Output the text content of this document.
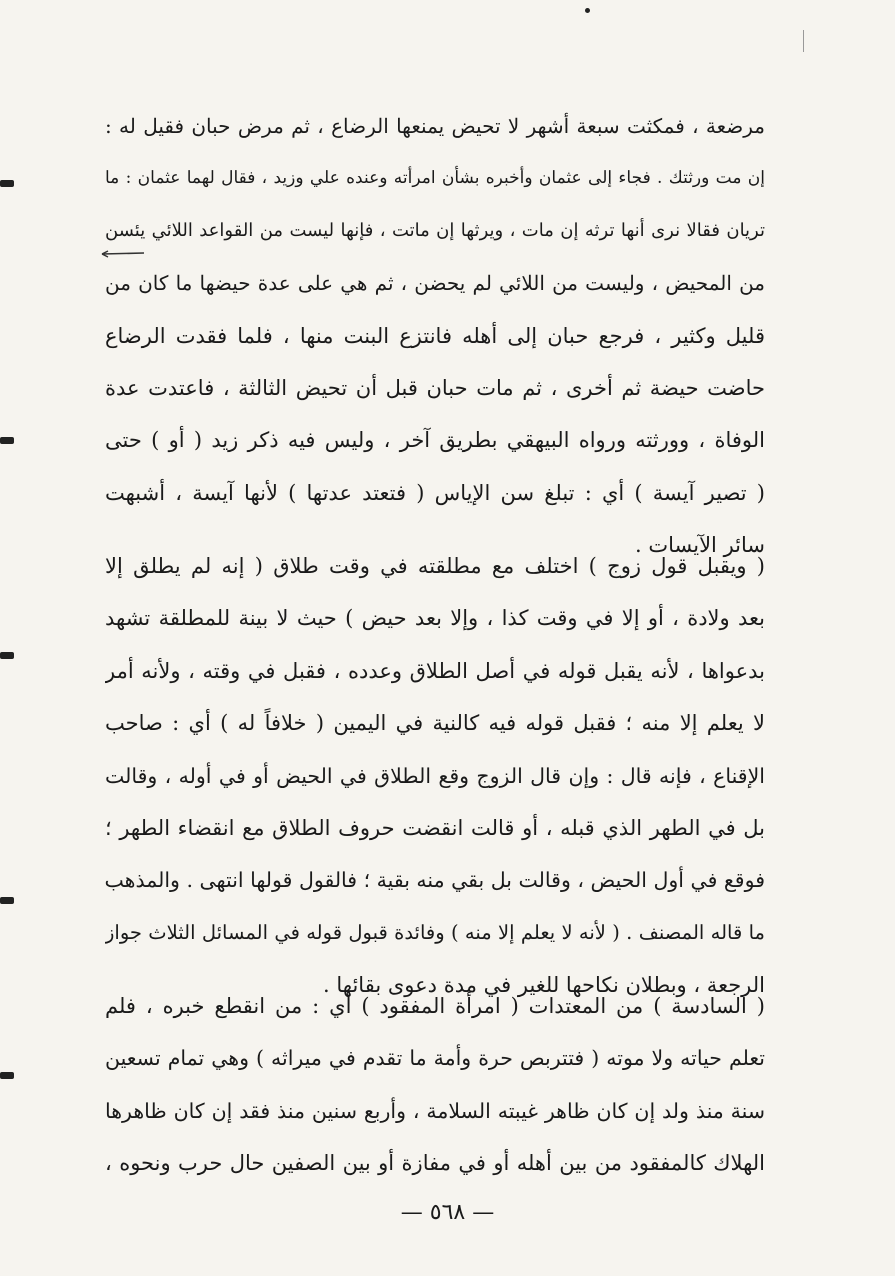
مرضعة ، فمكثت سبعة أشهر لا تحيض يمنعها الرضاع ، ثم مرض حبان فقيل له :
إن مت ورثتك . فجاء إلى عثمان وأخبره بشأن امرأته وعنده علي وزيد ، فقال لهما عثمان : ما
تريان فقالا نرى أنها ترثه إن مات ، ويرثها إن ماتت ، فإنها ليست من القواعد اللائي يئسن
من المحيض ، وليست من اللائي لم يحضن ، ثم هي على عدة حيضها ما كان من
قليل وكثير ، فرجع حبان إلى أهله فانتزع البنت منها ، فلما فقدت الرضاع
حاضت حيضة ثم أخرى ، ثم مات حبان قبل أن تحيض الثالثة ، فاعتدت عدة
الوفاة ، وورثته ورواه البيهقي بطريق آخر ، وليس فيه ذكر زيد ( أو ) حتى
( تصير آيسة ) أي : تبلغ سن الإياس ( فتعتد عدتها ) لأنها آيسة ، أشبهت
سائر الآيسات .
( ويقبل قول زوج ) اختلف مع مطلقته في وقت طلاق ( إنه لم يطلق إلا
بعد ولادة ، أو إلا في وقت كذا ، وإلا بعد حيض ) حيث لا بينة للمطلقة تشهد
بدعواها ، لأنه يقبل قوله في أصل الطلاق وعدده ، فقبل في وقته ، ولأنه أمر
لا يعلم إلا منه ؛ فقبل قوله فيه كالنية في اليمين ( خلافاً له ) أي : صاحب
الإقناع ، فإنه قال : وإن قال الزوج وقع الطلاق في الحيض أو في أوله ، وقالت
بل في الطهر الذي قبله ، أو قالت انقضت حروف الطلاق مع انقضاء الطهر ؛
فوقع في أول الحيض ، وقالت بل بقي منه بقية ؛ فالقول قولها انتهى . والمذهب
ما قاله المصنف . ( لأنه لا يعلم إلا منه ) وفائدة قبول قوله في المسائل الثلاث جواز
الرجعة ، وبطلان نكاحها للغير في مدة دعوى بقائها .
( السادسة ) من المعتدات ( امرأة المفقود ) أي : من انقطع خبره ، فلم
تعلم حياته ولا موته ( فتتربص حرة وأمة ما تقدم في ميراثه ) وهي تمام تسعين
سنة منذ ولد إن كان ظاهر غيبته السلامة ، وأربع سنين منذ فقد إن كان ظاهرها
الهلاك كالمفقود من بين أهله أو في مفازة أو بين الصفين حال حرب ونحوه ،
— ٥٦٨ —
